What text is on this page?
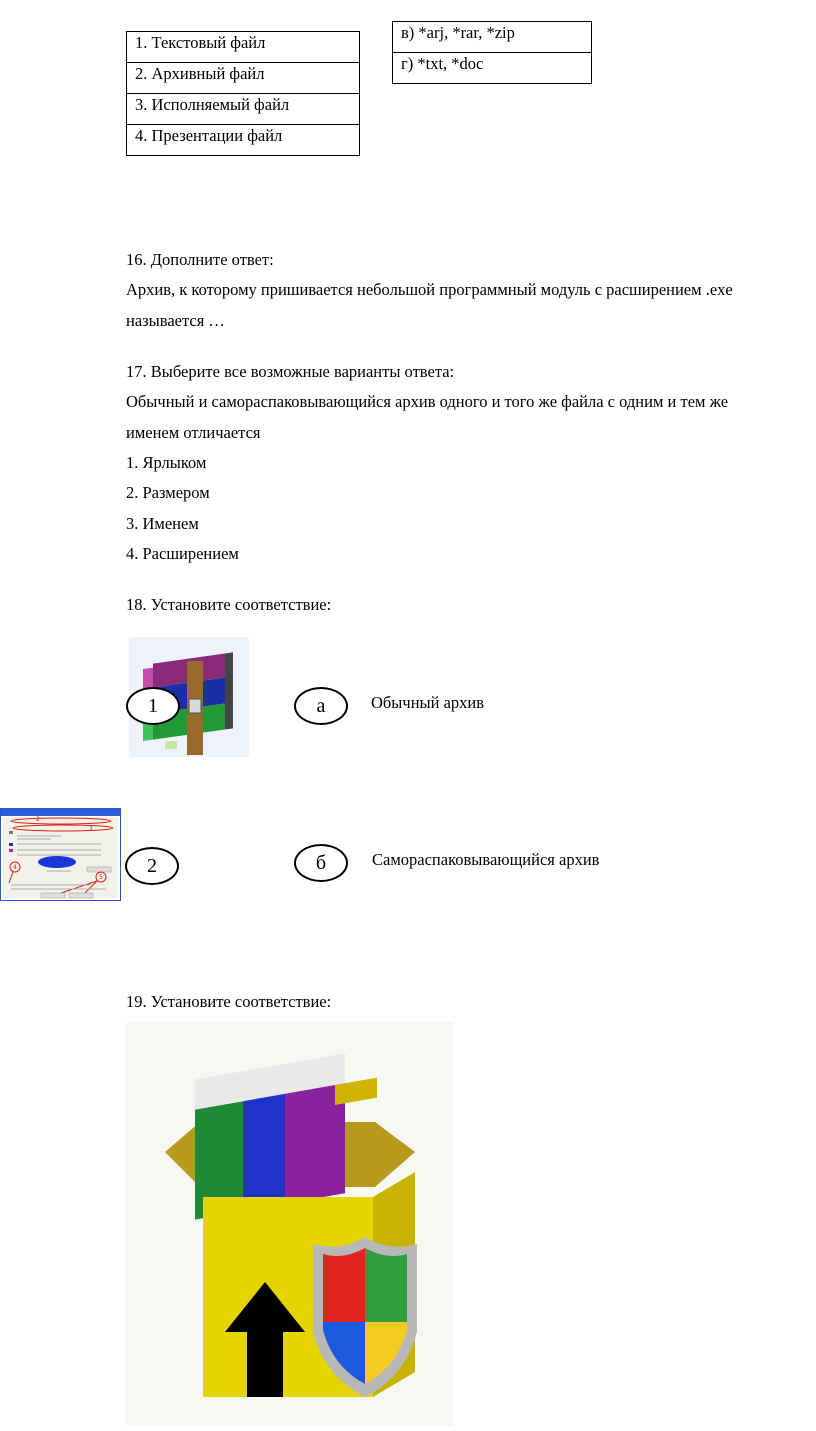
1. Текстовый файл
2. Архивный файл
3. Исполняемый файл
4. Презентации файл
в) *arj, *rar, *zip
г) *txt, *doc
16. Дополните ответ:
Архив, к которому пришивается небольшой программный модуль с расширением .exe
называется …
17. Выберите все возможные варианты ответа:
Обычный и самораспаковывающийся архив одного и того же файла с одним и тем же
именем отличается
1. Ярлыком
2. Размером
3. Именем
4. Расширением
18. Установите соответствие:
1	а	Обычный архив
2
3
4
5
2	б	Самораспаковывающийся архив
19. Установите соответствие:
